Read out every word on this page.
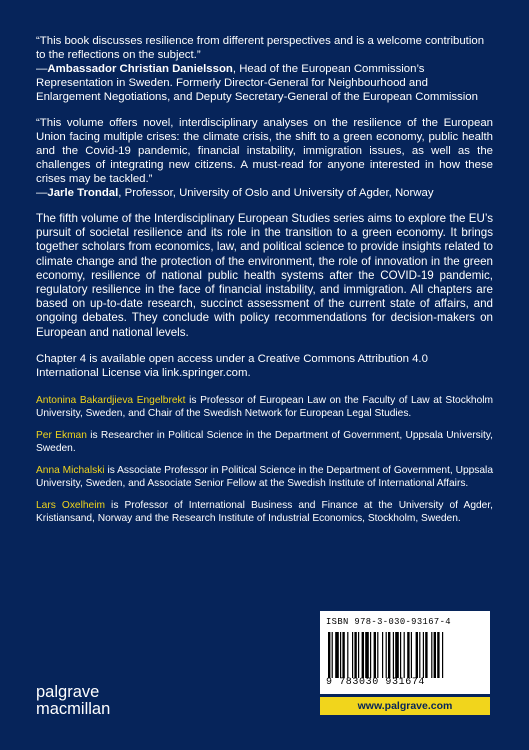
“This book discusses resilience from different perspectives and is a welcome contribution to the reflections on the subject.”
—Ambassador Christian Danielsson, Head of the European Commission’s Representation in Sweden. Formerly Director-General for Neighbourhood and Enlargement Negotiations, and Deputy Secretary-General of the European Commission

“This volume offers novel, interdisciplinary analyses on the resilience of the European Union facing multiple crises: the climate crisis, the shift to a green economy, public health and the Covid-19 pandemic, financial instability, immigration issues, as well as the challenges of integrating new citizens. A must-read for anyone interested in how these crises may be tackled.”
—Jarle Trondal, Professor, University of Oslo and University of Agder, Norway

The fifth volume of the Interdisciplinary European Studies series aims to explore the EU’s pursuit of societal resilience and its role in the transition to a green economy. It brings together scholars from economics, law, and political science to provide insights related to climate change and the protection of the environment, the role of innovation in the green economy, resilience of national public health systems after the COVID-19 pandemic, regulatory resilience in the face of financial instability, and immigration. All chapters are based on up-to-date research, succinct assessment of the current state of affairs, and ongoing debates. They conclude with policy recommendations for decision-makers on European and national levels.

Chapter 4 is available open access under a Creative Commons Attribution 4.0 International License via link.springer.com.

Antonina Bakardjieva Engelbrekt is Professor of European Law on the Faculty of Law at Stockholm University, Sweden, and Chair of the Swedish Network for European Legal Studies.

Per Ekman is Researcher in Political Science in the Department of Government, Uppsala University, Sweden.

Anna Michalski is Associate Professor in Political Science in the Department of Government, Uppsala University, Sweden, and Associate Senior Fellow at the Swedish Institute of International Affairs.

Lars Oxelheim is Professor of International Business and Finance at the University of Agder, Kristiansand, Norway and the Research Institute of Industrial Economics, Stockholm, Sweden.

palgrave
macmillan
ISBN 978-3-030-93167-4
9 783030 931674
www.palgrave.com
